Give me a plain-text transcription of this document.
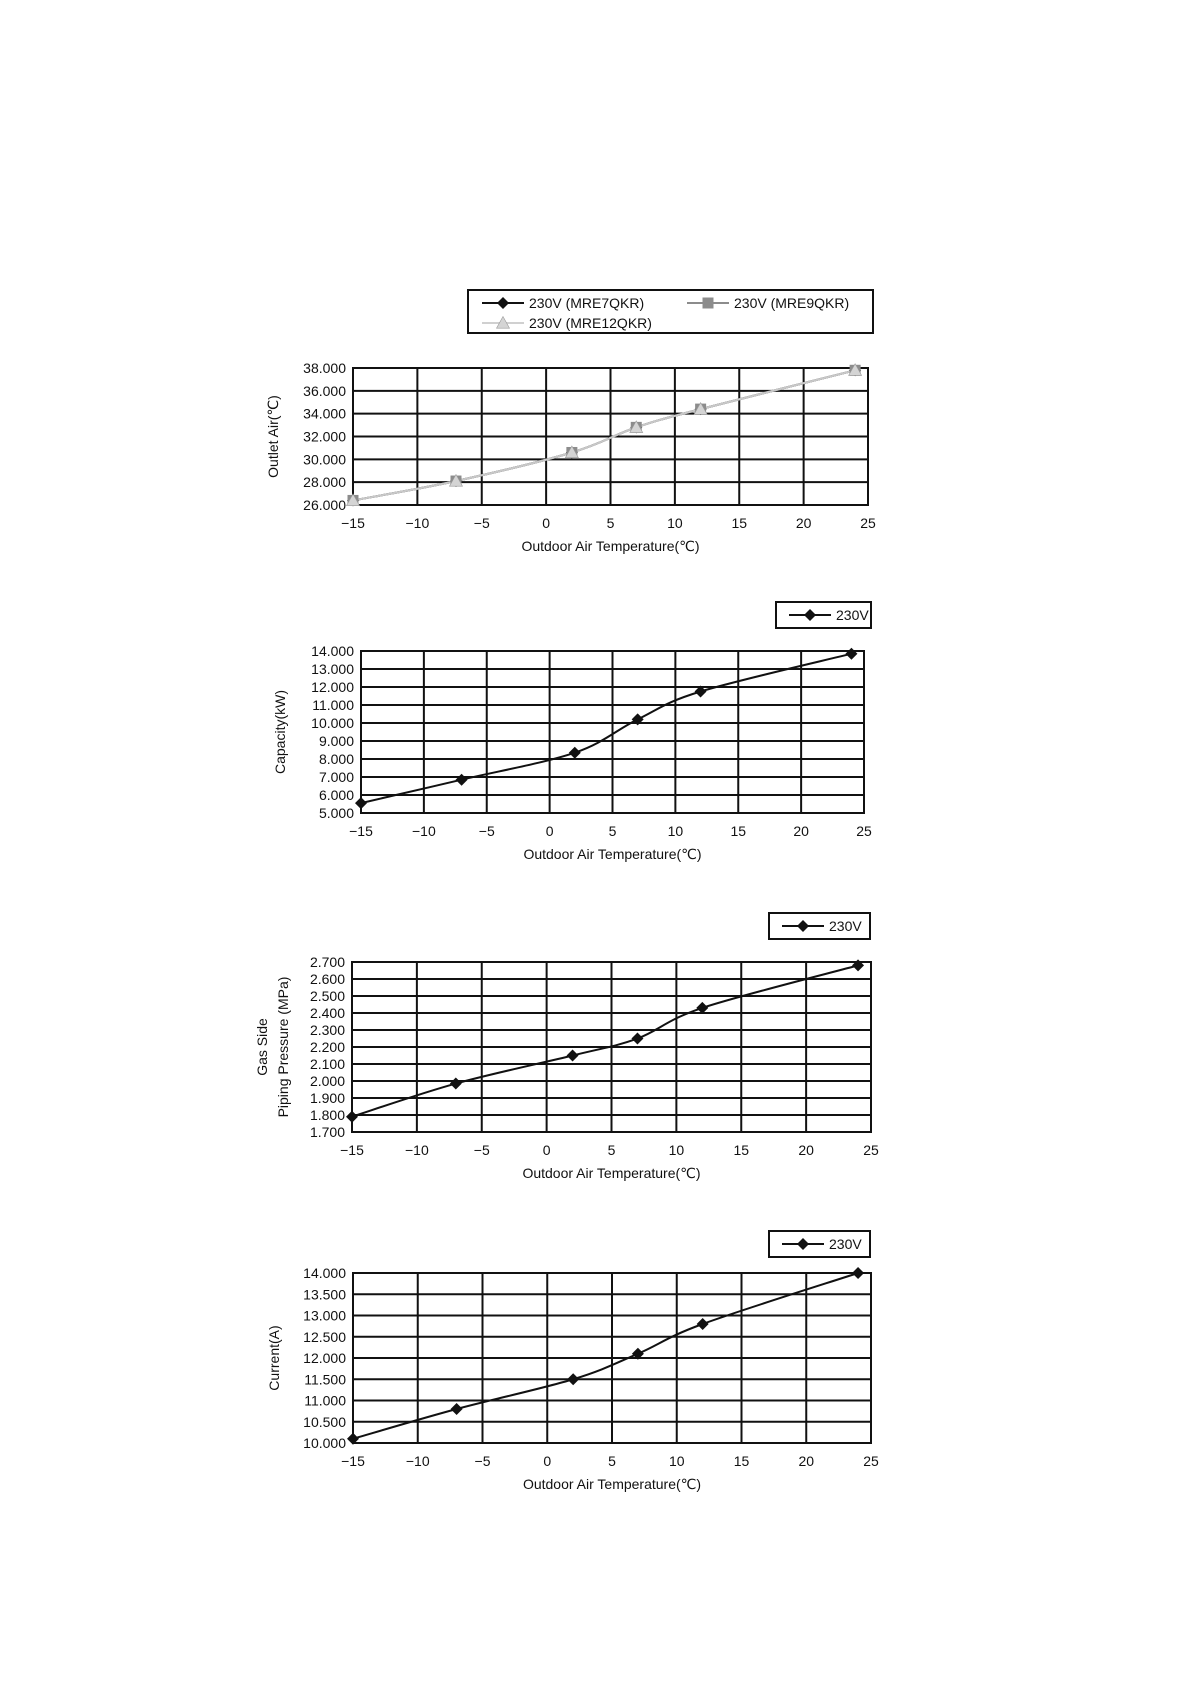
26.000
28.000
30.000
32.000
34.000
36.000
38.000
−15	−10	−5	0	5	10	15	20	25
Outdoor Air Temperature(℃)
Outlet Air(℃)
230V (MRE7QKR)	230V (MRE9QKR)
230V (MRE12QKR)
5.000
6.000
7.000
8.000
9.000
10.000
11.000
12.000
13.000
14.000
−15	−10	−5	0	5	10	15	20	25
Outdoor Air Temperature(℃)
Capacity(kW)
230V
1.700
1.800
1.900
2.000
2.100
2.200
2.300
2.400
2.500
2.600
2.700
−15	−10	−5	0	5	10	15	20	25
Outdoor Air Temperature(℃)
Piping Pressure (MPa)
Gas Side
230V
10.000
10.500
11.000
11.500
12.000
12.500
13.000
13.500
14.000
−15	−10	−5	0	5	10	15	20	25
Outdoor Air Temperature(℃)
Current(A)
230V
